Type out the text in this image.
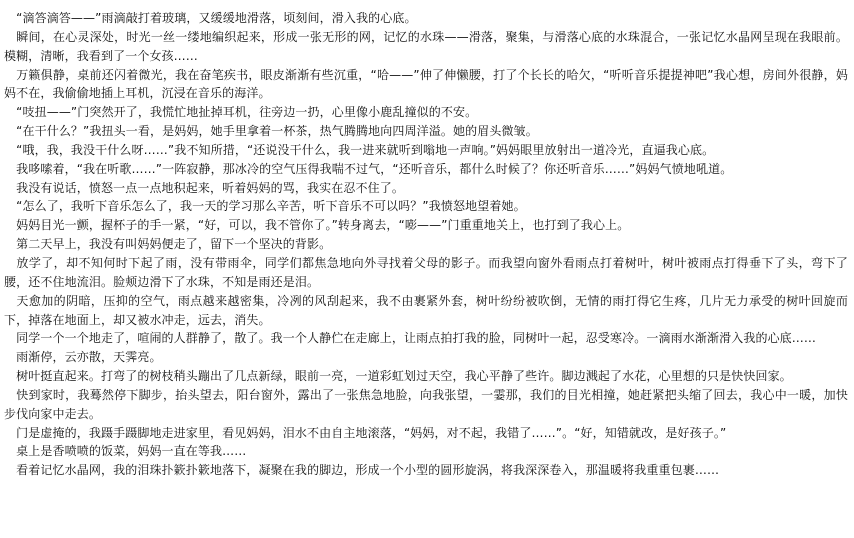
　“滴答滴答——”雨滴敲打着玻璃，又缓缓地滑落，顷刻间，滑入我的心底。

　瞬间，在心灵深处，时光一丝一缕地编织起来，形成一张无形的网，记忆的水珠——滑落，聚集，与滑落心底的水珠混合，一张记忆水晶网呈现在我眼前。模糊，清晰，我看到了一个女孩……

　万籁俱静，桌前还闪着微光，我在奋笔疾书，眼皮渐渐有些沉重，“哈——”伸了伸懒腰，打了个长长的哈欠，“听听音乐提提神吧”我心想，房间外很静，妈妈不在，我偷偷地插上耳机，沉浸在音乐的海洋。

　“吱扭——”门突然开了，我慌忙地扯掉耳机，往旁边一扔，心里像小鹿乱撞似的不安。

　“在干什么？”我扭头一看，是妈妈，她手里拿着一杯茶，热气腾腾地向四周洋溢。她的眉头微皱。

　“哦，我，我没干什么呀……”我不知所措，“还说没干什么，我一进来就听到嗡地一声响。”妈妈眼里放射出一道冷光，直逼我心底。

　我哆嗦着，“我在听歌……”一阵寂静，那冰冷的空气压得我喘不过气，“还听音乐，都什么时候了？你还听音乐……”妈妈气愤地吼道。

　我没有说话，愤怒一点一点地积起来，听着妈妈的骂，我实在忍不住了。

　“怎么了，我听下音乐怎么了，我一天的学习那么辛苦，听下音乐不可以吗？”我愤怒地望着她。

　妈妈目光一颤，握杯子的手一紧，“好，可以，我不管你了。”转身离去，“嘭——”门重重地关上，也打到了我心上。

　第二天早上，我没有叫妈妈便走了，留下一个坚决的背影。

　放学了，却不知何时下起了雨，没有带雨伞，同学们都焦急地向外寻找着父母的影子。而我望向窗外看雨点打着树叶，树叶被雨点打得垂下了头，弯下了腰，还不住地流泪。脸颊边滑下了水珠，不知是雨还是泪。

　天愈加的阴暗，压抑的空气，雨点越来越密集，冷冽的风刮起来，我不由裹紧外套，树叶纷纷被吹倒，无情的雨打得它生疼，几片无力承受的树叶回旋而下，掉落在地面上，却又被水冲走，远去，消失。

　同学一个一个地走了，喧闹的人群静了，散了。我一个人静伫在走廊上，让雨点拍打我的脸，同树叶一起，忍受寒冷。一滴雨水渐渐滑入我的心底……

　雨渐停，云亦散，天霁亮。

　树叶挺直起来。打弯了的树枝稍头蹦出了几点新绿，眼前一亮，一道彩虹划过天空，我心平静了些许。脚边溅起了水花，心里想的只是快快回家。

　快到家时，我蓦然停下脚步，抬头望去，阳台窗外，露出了一张焦急地脸，向我张望，一霎那，我们的目光相撞，她赶紧把头缩了回去，我心中一暖，加快步伐向家中走去。

　门是虚掩的，我蹑手蹑脚地走进家里，看见妈妈，泪水不由自主地滚落，“妈妈，对不起，我错了……”。“好，知错就改，是好孩子。”

　桌上是香喷喷的饭菜，妈妈一直在等我……

　看着记忆水晶网，我的泪珠扑簌扑簌地落下，凝聚在我的脚边，形成一个小型的圆形旋涡，将我深深卷入，那温暖将我重重包裹……
